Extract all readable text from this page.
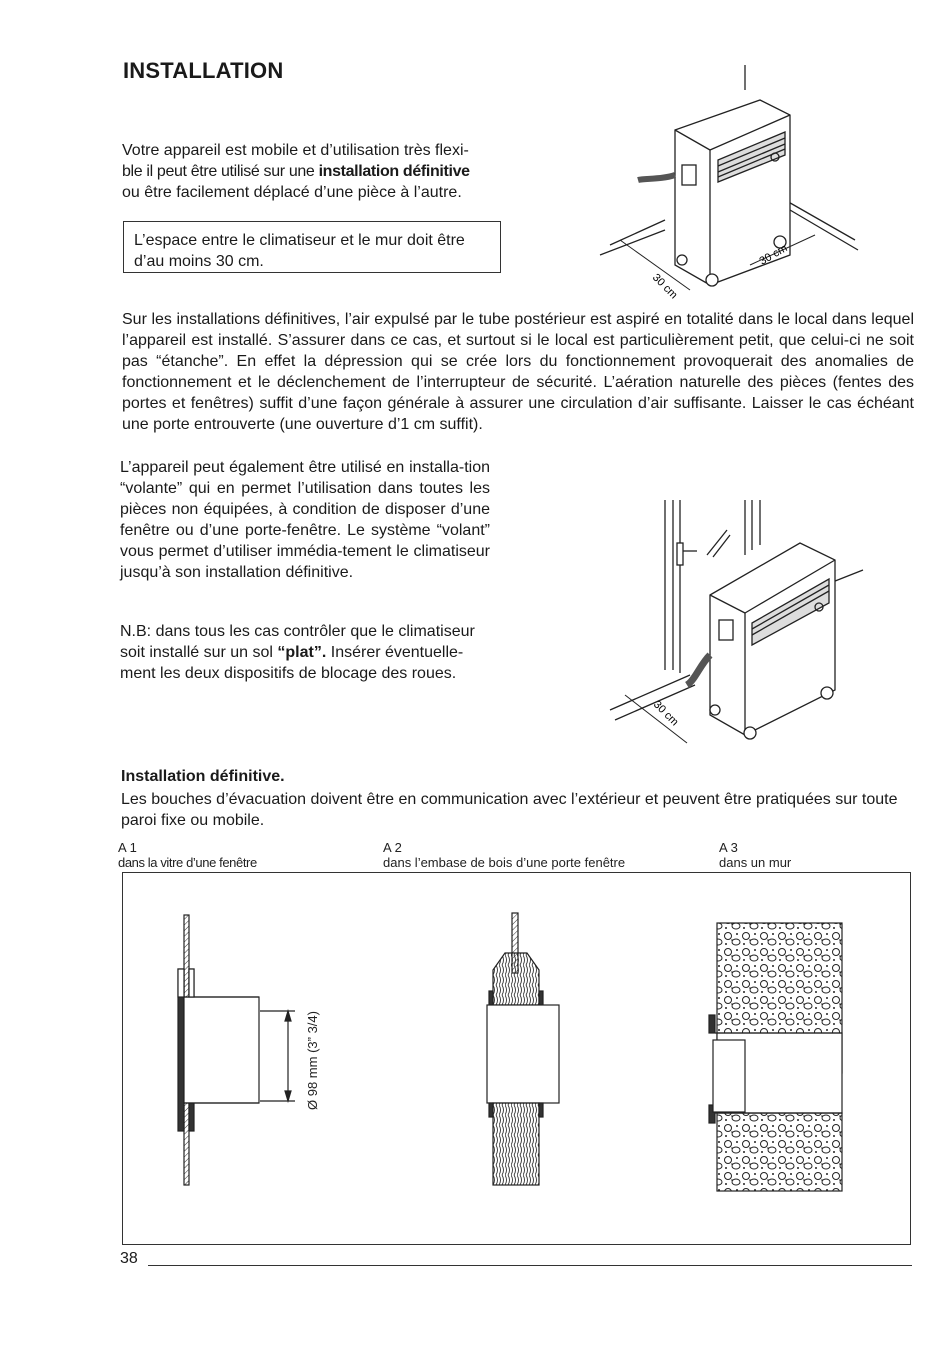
INSTALLATION
Votre appareil est mobile et d’utilisation très flexi-
ble il peut être utilisé sur une installation définitive
ou être facilement déplacé d’une pièce à l’autre.
L’espace entre le climatiseur et le mur doit être
d’au moins 30 cm.
30 cm
30 cm
Sur les installations définitives, l’air expulsé par le tube postérieur est aspiré en totalité dans le local dans lequel l’appareil est installé. S’assurer dans ce cas, et surtout si le local est particulièrement petit, que celui-ci ne soit pas “étanche”. En effet la dépression qui se crée lors du fonctionnement provoquerait des anomalies de fonctionnement et le déclenchement de l’interrupteur de sécurité. L’aération naturelle des pièces (fentes des portes et fenêtres) suffit d’une façon générale à assurer une circulation d’air suffisante. Laisser le cas échéant une porte entrouverte (une ouverture d’1 cm suffit).
L’appareil peut également être utilisé en installa-tion “volante” qui en permet l’utilisation dans toutes les pièces non équipées, à condition de disposer d’une fenêtre ou d’une porte-fenêtre. Le système “volant” vous permet d’utiliser immédia-tement le climatiseur jusqu’à son installation définitive.
N.B: dans tous les cas contrôler que le climatiseur soit installé sur un sol “plat”. Insérer éventuelle-ment les deux dispositifs de blocage des roues.
30 cm
Installation définitive.
Les bouches d’évacuation doivent être en communication avec l’extérieur et peuvent être pratiquées sur toute paroi fixe ou mobile.
A 1
dans la vitre d’une fenêtre
A 2
dans l’embase de bois d’une porte fenêtre
A 3
dans un mur
Ø 98 mm (3” 3/4)
38
